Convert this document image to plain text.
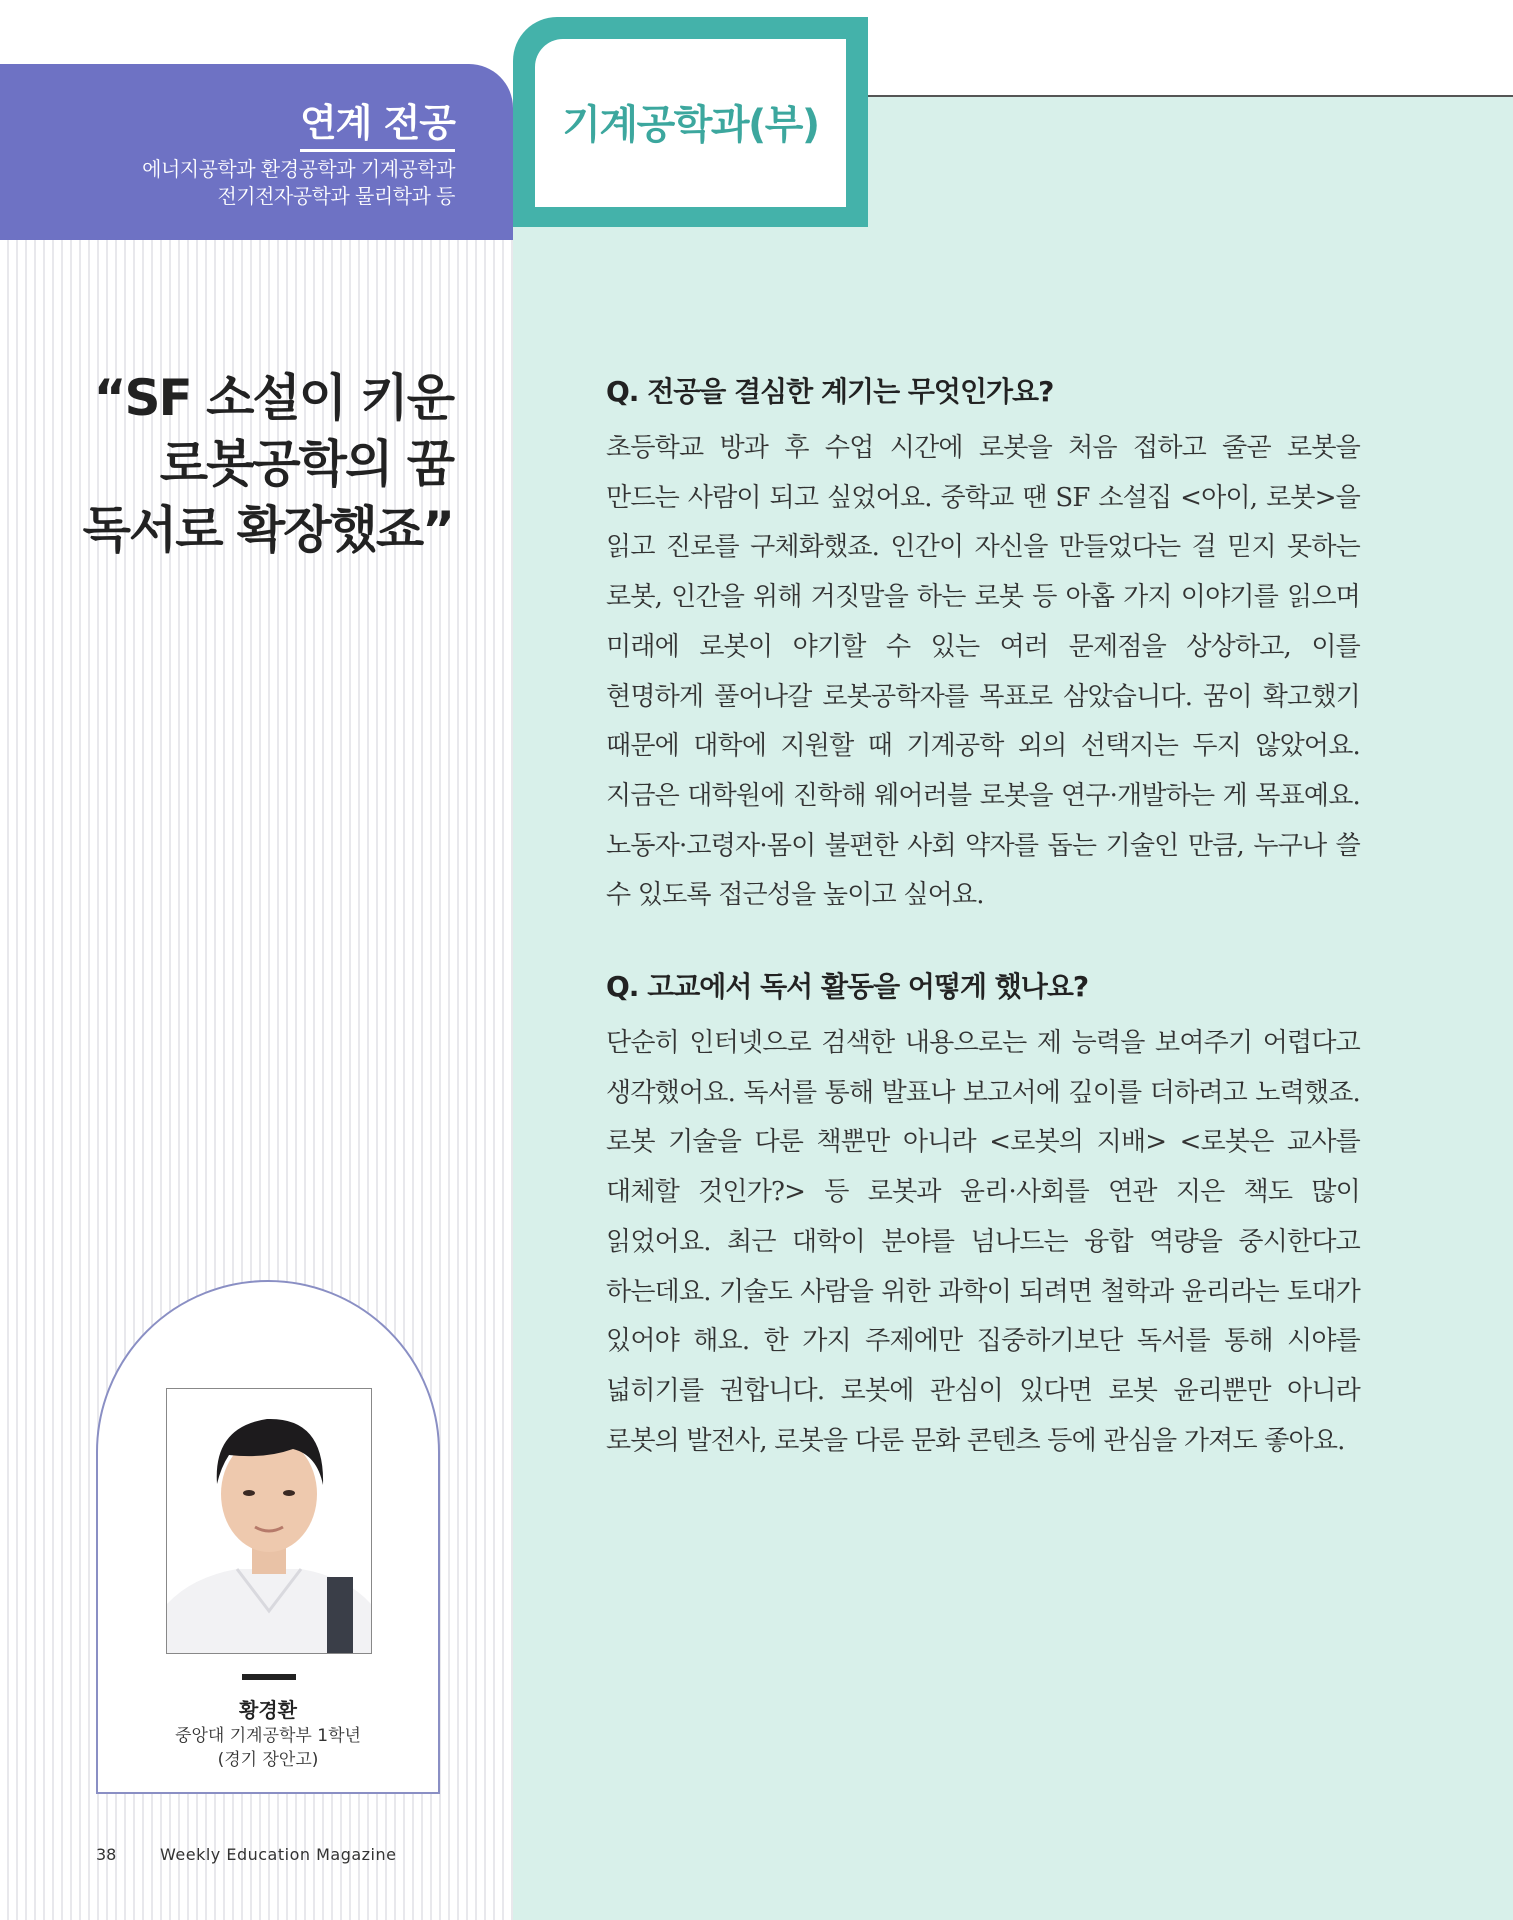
연계 전공
에너지공학과 환경공학과 기계공학과
전기전자공학과 물리학과 등
기계공학과(부)
“SF 소설이 키운
로봇공학의 꿈
독서로 확장했죠”
황경환
중앙대 기계공학부 1학년
(경기 장안고)
38	Weekly Education Magazine
Q. 전공을 결심한 계기는 무엇인가요?

초등학교 방과 후 수업 시간에 로봇을 처음 접하고 줄곧 로봇을 만드는 사람이 되고 싶었어요. 중학교 땐 SF 소설집 <아이, 로봇>을 읽고 진로를 구체화했죠. 인간이 자신을 만들었다는 걸 믿지 못하는 로봇, 인간을 위해 거짓말을 하는 로봇 등 아홉 가지 이야기를 읽으며 미래에 로봇이 야기할 수 있는 여러 문제점을 상상하고, 이를 현명하게 풀어나갈 로봇공학자를 목표로 삼았습니다. 꿈이 확고했기 때문에 대학에 지원할 때 기계공학 외의 선택지는 두지 않았어요. 지금은 대학원에 진학해 웨어러블 로봇을 연구·개발하는 게 목표예요. 노동자·고령자·몸이 불편한 사회 약자를 돕는 기술인 만큼, 누구나 쓸 수 있도록 접근성을 높이고 싶어요.

Q. 고교에서 독서 활동을 어떻게 했나요?

단순히 인터넷으로 검색한 내용으로는 제 능력을 보여주기 어렵다고 생각했어요. 독서를 통해 발표나 보고서에 깊이를 더하려고 노력했죠. 로봇 기술을 다룬 책뿐만 아니라 <로봇의 지배> <로봇은 교사를 대체할 것인가?> 등 로봇과 윤리·사회를 연관 지은 책도 많이 읽었어요. 최근 대학이 분야를 넘나드는 융합 역량을 중시한다고 하는데요. 기술도 사람을 위한 과학이 되려면 철학과 윤리라는 토대가 있어야 해요. 한 가지 주제에만 집중하기보단 독서를 통해 시야를 넓히기를 권합니다. 로봇에 관심이 있다면 로봇 윤리뿐만 아니라 로봇의 발전사, 로봇을 다룬 문화 콘텐츠 등에 관심을 가져도 좋아요.
